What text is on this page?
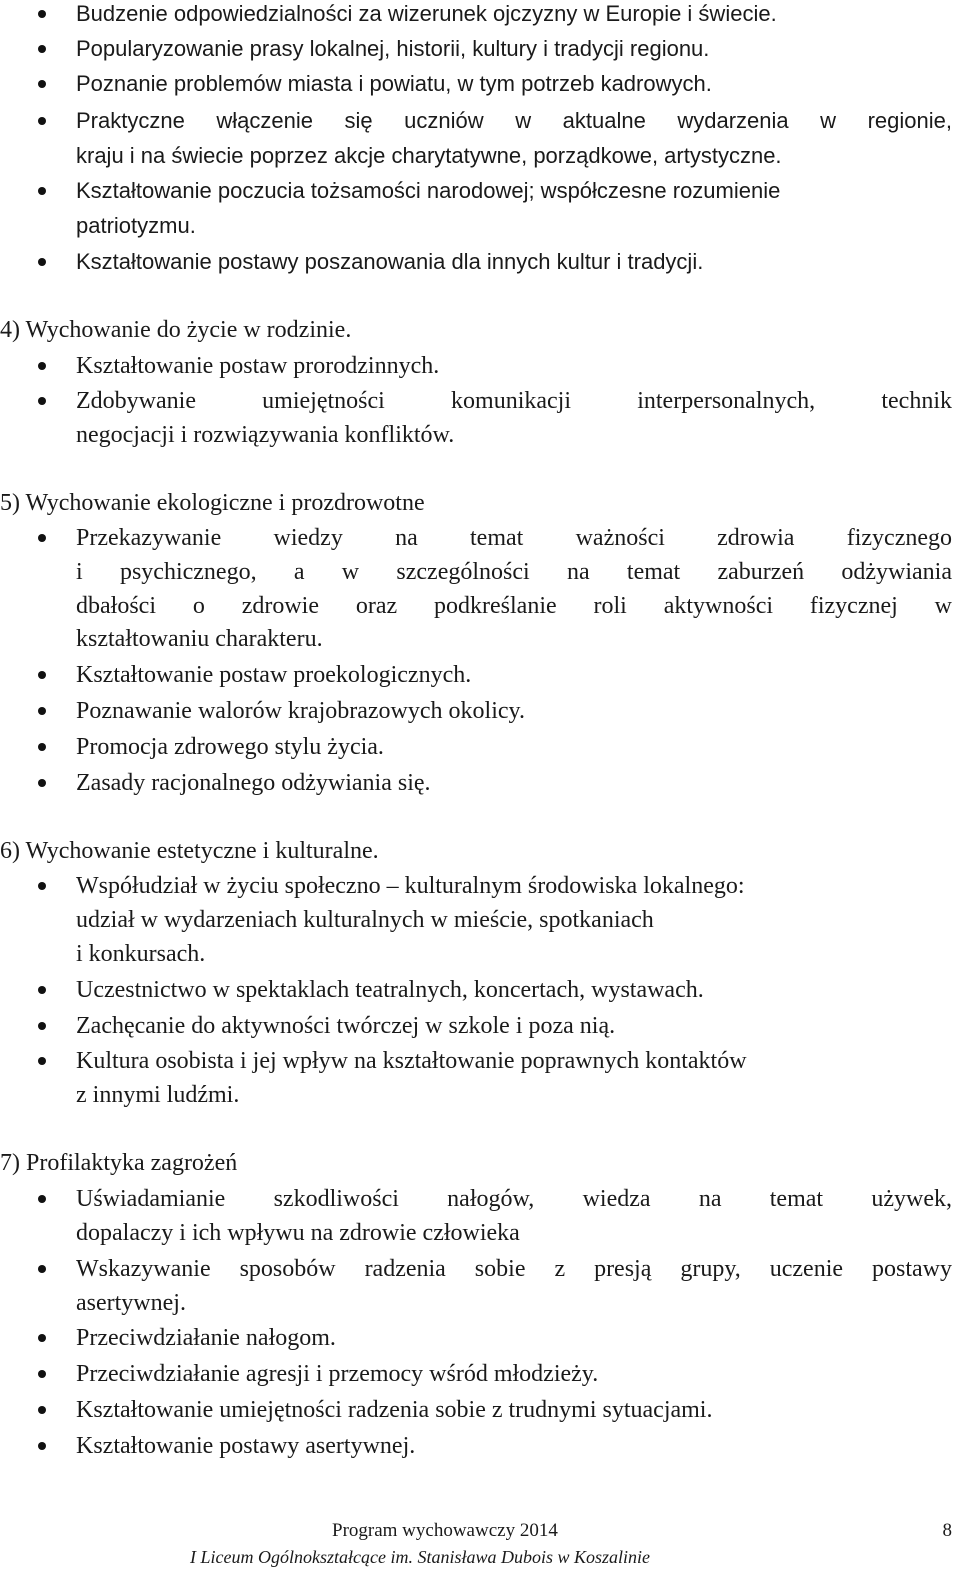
Budzenie odpowiedzialności za wizerunek ojczyzny w Europie i świecie.
Popularyzowanie prasy lokalnej, historii, kultury i tradycji regionu.
Poznanie problemów miasta i powiatu, w tym potrzeb kadrowych.
Praktyczne włączenie się uczniów w aktualne wydarzenia w regionie,
kraju i na świecie poprzez akcje charytatywne, porządkowe, artystyczne.
Kształtowanie poczucia tożsamości narodowej; współczesne rozumienie
patriotyzmu.
Kształtowanie postawy poszanowania dla innych kultur i tradycji.
4) Wychowanie do życie w rodzinie.
Kształtowanie postaw prorodzinnych.
Zdobywanie umiejętności komunikacji interpersonalnych, technik
negocjacji i rozwiązywania konfliktów.
5) Wychowanie ekologiczne i prozdrowotne
Przekazywanie wiedzy na temat ważności zdrowia fizycznego
i psychicznego, a w szczególności na temat zaburzeń odżywiania
dbałości o zdrowie oraz podkreślanie roli aktywności fizycznej w
kształtowaniu charakteru.
Kształtowanie postaw proekologicznych.
Poznawanie walorów krajobrazowych okolicy.
Promocja zdrowego stylu życia.
Zasady racjonalnego odżywiania się.
6) Wychowanie estetyczne i kulturalne.
Współudział w życiu społeczno – kulturalnym środowiska lokalnego:
udział w wydarzeniach kulturalnych w mieście, spotkaniach
i konkursach.
Uczestnictwo w spektaklach teatralnych, koncertach, wystawach.
Zachęcanie do aktywności twórczej w szkole i poza nią.
Kultura osobista i jej wpływ na kształtowanie poprawnych kontaktów
z innymi ludźmi.
7) Profilaktyka zagrożeń
Uświadamianie szkodliwości nałogów, wiedza na temat używek,
dopalaczy i ich wpływu na zdrowie człowieka
Wskazywanie sposobów radzenia sobie z presją grupy, uczenie postawy
asertywnej.
Przeciwdziałanie nałogom.
Przeciwdziałanie agresji i przemocy wśród młodzieży.
Kształtowanie umiejętności radzenia sobie z trudnymi sytuacjami.
Kształtowanie postawy asertywnej.
Program wychowawczy 2014	8
I Liceum Ogólnokształcące im. Stanisława Dubois w Koszalinie
